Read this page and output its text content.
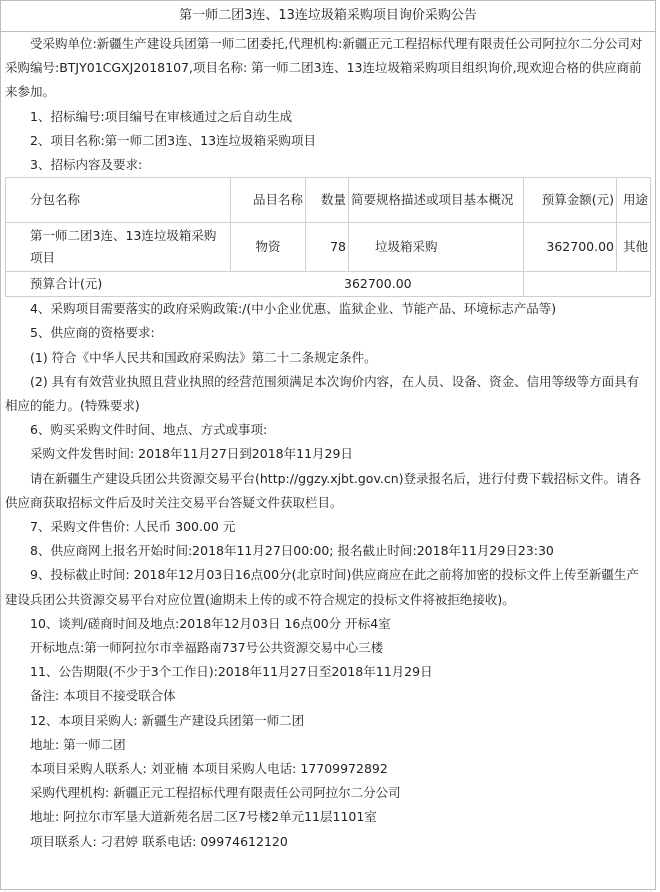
第一师二团3连、13连垃圾箱采购项目询价采购公告

受采购单位:新疆生产建设兵团第一师二团委托,代理机构:新疆正元工程招标代理有限责任公司阿拉尔二分公司对采购编号:BTJY01CGXJ2018107,项目名称: 第一师二团3连、13连垃圾箱采购项目组织询价,现欢迎合格的供应商前来参加。

1、招标编号:项目编号在审核通过之后自动生成

2、项目名称:第一师二团3连、13连垃圾箱采购项目

3、招标内容及要求:

分包名称	品目名称	数量	简要规格描述或项目基本概况	预算金额(元)	用途
第一师二团3连、13连垃圾箱采购项目	物资	78	垃圾箱采购	362700.00	其他
预算合计(元)				362700.00	

4、采购项目需要落实的政府采购政策:/(中小企业优惠、监狱企业、节能产品、环境标志产品等)

5、供应商的资格要求:

(1) 符合《中华人民共和国政府采购法》第二十二条规定条件。

(2) 具有有效营业执照且营业执照的经营范围须满足本次询价内容，在人员、设备、资金、信用等级等方面具有相应的能力。(特殊要求)

6、购买采购文件时间、地点、方式或事项:

采购文件发售时间: 2018年11月27日到2018年11月29日

请在新疆生产建设兵团公共资源交易平台(http://ggzy.xjbt.gov.cn)登录报名后，进行付费下载招标文件。请各供应商获取招标文件后及时关注交易平台答疑文件获取栏目。

7、采购文件售价: 人民币 300.00 元

8、供应商网上报名开始时间:2018年11月27日00:00; 报名截止时间:2018年11月29日23:30

9、投标截止时间: 2018年12月03日16点00分(北京时间)供应商应在此之前将加密的投标文件上传至新疆生产建设兵团公共资源交易平台对应位置(逾期未上传的或不符合规定的投标文件将被拒绝接收)。

10、谈判/磋商时间及地点:2018年12月03日 16点00分 开标4室

开标地点:第一师阿拉尔市幸福路南737号公共资源交易中心三楼

11、公告期限(不少于3个工作日):2018年11月27日至2018年11月29日

备注: 本项目不接受联合体

12、本项目采购人: 新疆生产建设兵团第一师二团

地址: 第一师二团

本项目采购人联系人: 刘亚楠 本项目采购人电话: 17709972892

采购代理机构: 新疆正元工程招标代理有限责任公司阿拉尔二分公司

地址: 阿拉尔市军垦大道新苑名居二区7号楼2单元11层1101室

项目联系人: 刁君婷 联系电话: 09974612120
